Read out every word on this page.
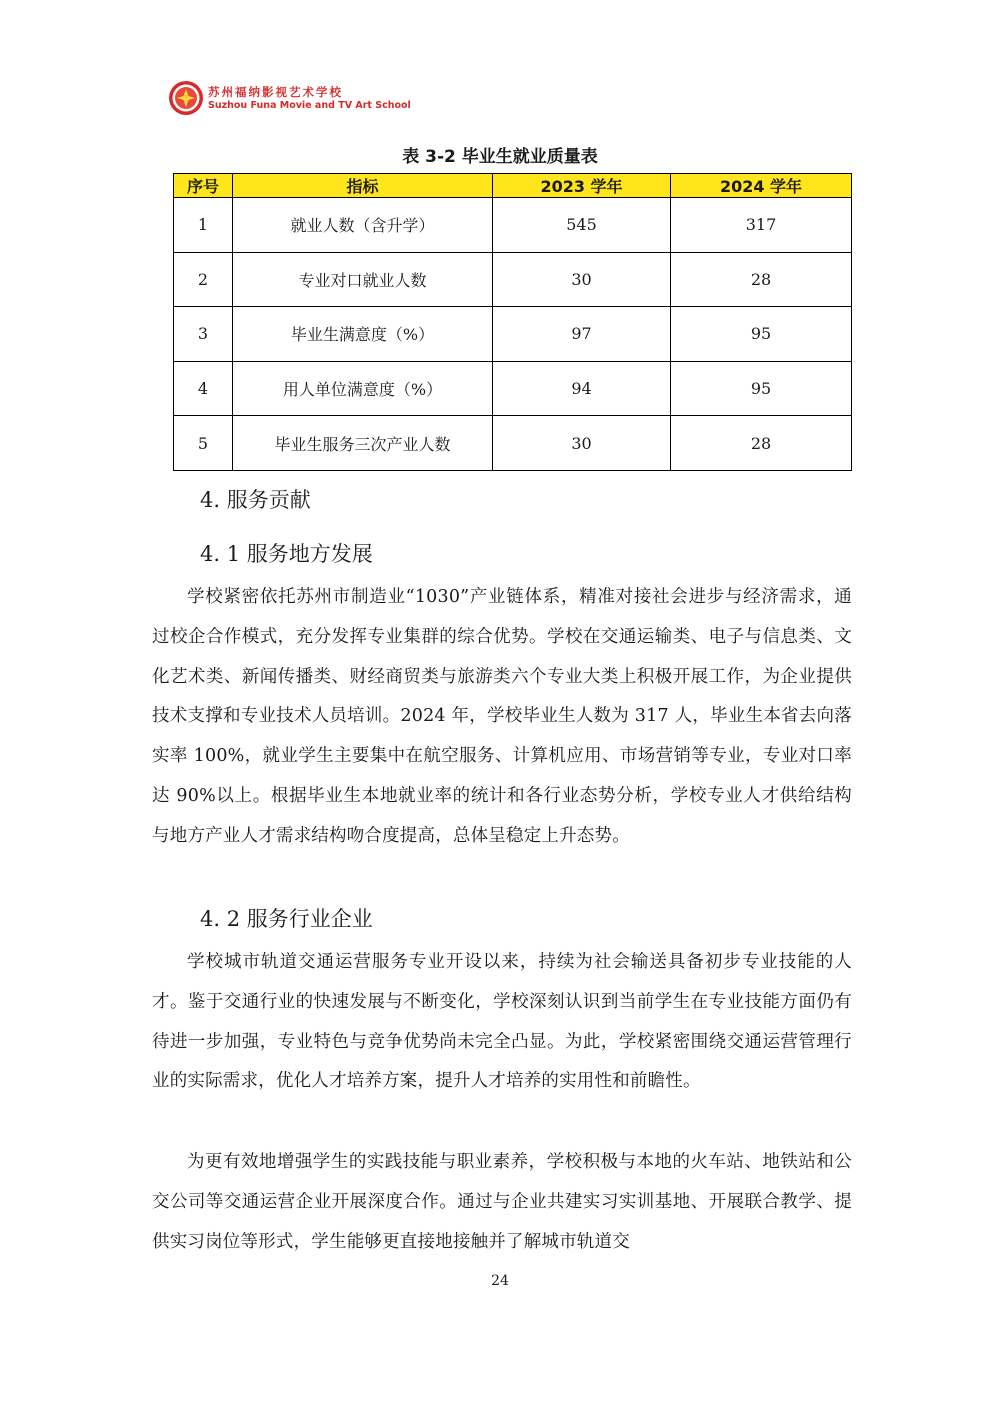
苏州福纳影视艺术学校
Suzhou Funa Movie and TV Art School
表 3-2 毕业生就业质量表
序号	指标	2023 学年	2024 学年
1	就业人数（含升学）	545	317
2	专业对口就业人数	30	28
3	毕业生满意度（%）	97	95
4	用人单位满意度（%）	94	95
5	毕业生服务三次产业人数	30	28
4. 服务贡献
4. 1 服务地方发展

学校紧密依托苏州市制造业“1030”产业链体系，精准对接社会进步与经济需求，通过校企合作模式，充分发挥专业集群的综合优势。学校在交通运输类、电子与信息类、文化艺术类、新闻传播类、财经商贸类与旅游类六个专业大类上积极开展工作，为企业提供技术支撑和专业技术人员培训。2024 年，学校毕业生人数为 317 人，毕业生本省去向落实率 100%，就业学生主要集中在航空服务、计算机应用、市场营销等专业，专业对口率达 90%以上。根据毕业生本地就业率的统计和各行业态势分析，学校专业人才供给结构与地方产业人才需求结构吻合度提高，总体呈稳定上升态势。

4. 2 服务行业企业

学校城市轨道交通运营服务专业开设以来，持续为社会输送具备初步专业技能的人才。鉴于交通行业的快速发展与不断变化，学校深刻认识到当前学生在专业技能方面仍有待进一步加强，专业特色与竞争优势尚未完全凸显。为此，学校紧密围绕交通运营管理行业的实际需求，优化人才培养方案，提升人才培养的实用性和前瞻性。

为更有效地增强学生的实践技能与职业素养，学校积极与本地的火车站、地铁站和公交公司等交通运营企业开展深度合作。通过与企业共建实习实训基地、开展联合教学、提供实习岗位等形式，学生能够更直接地接触并了解城市轨道交

24
